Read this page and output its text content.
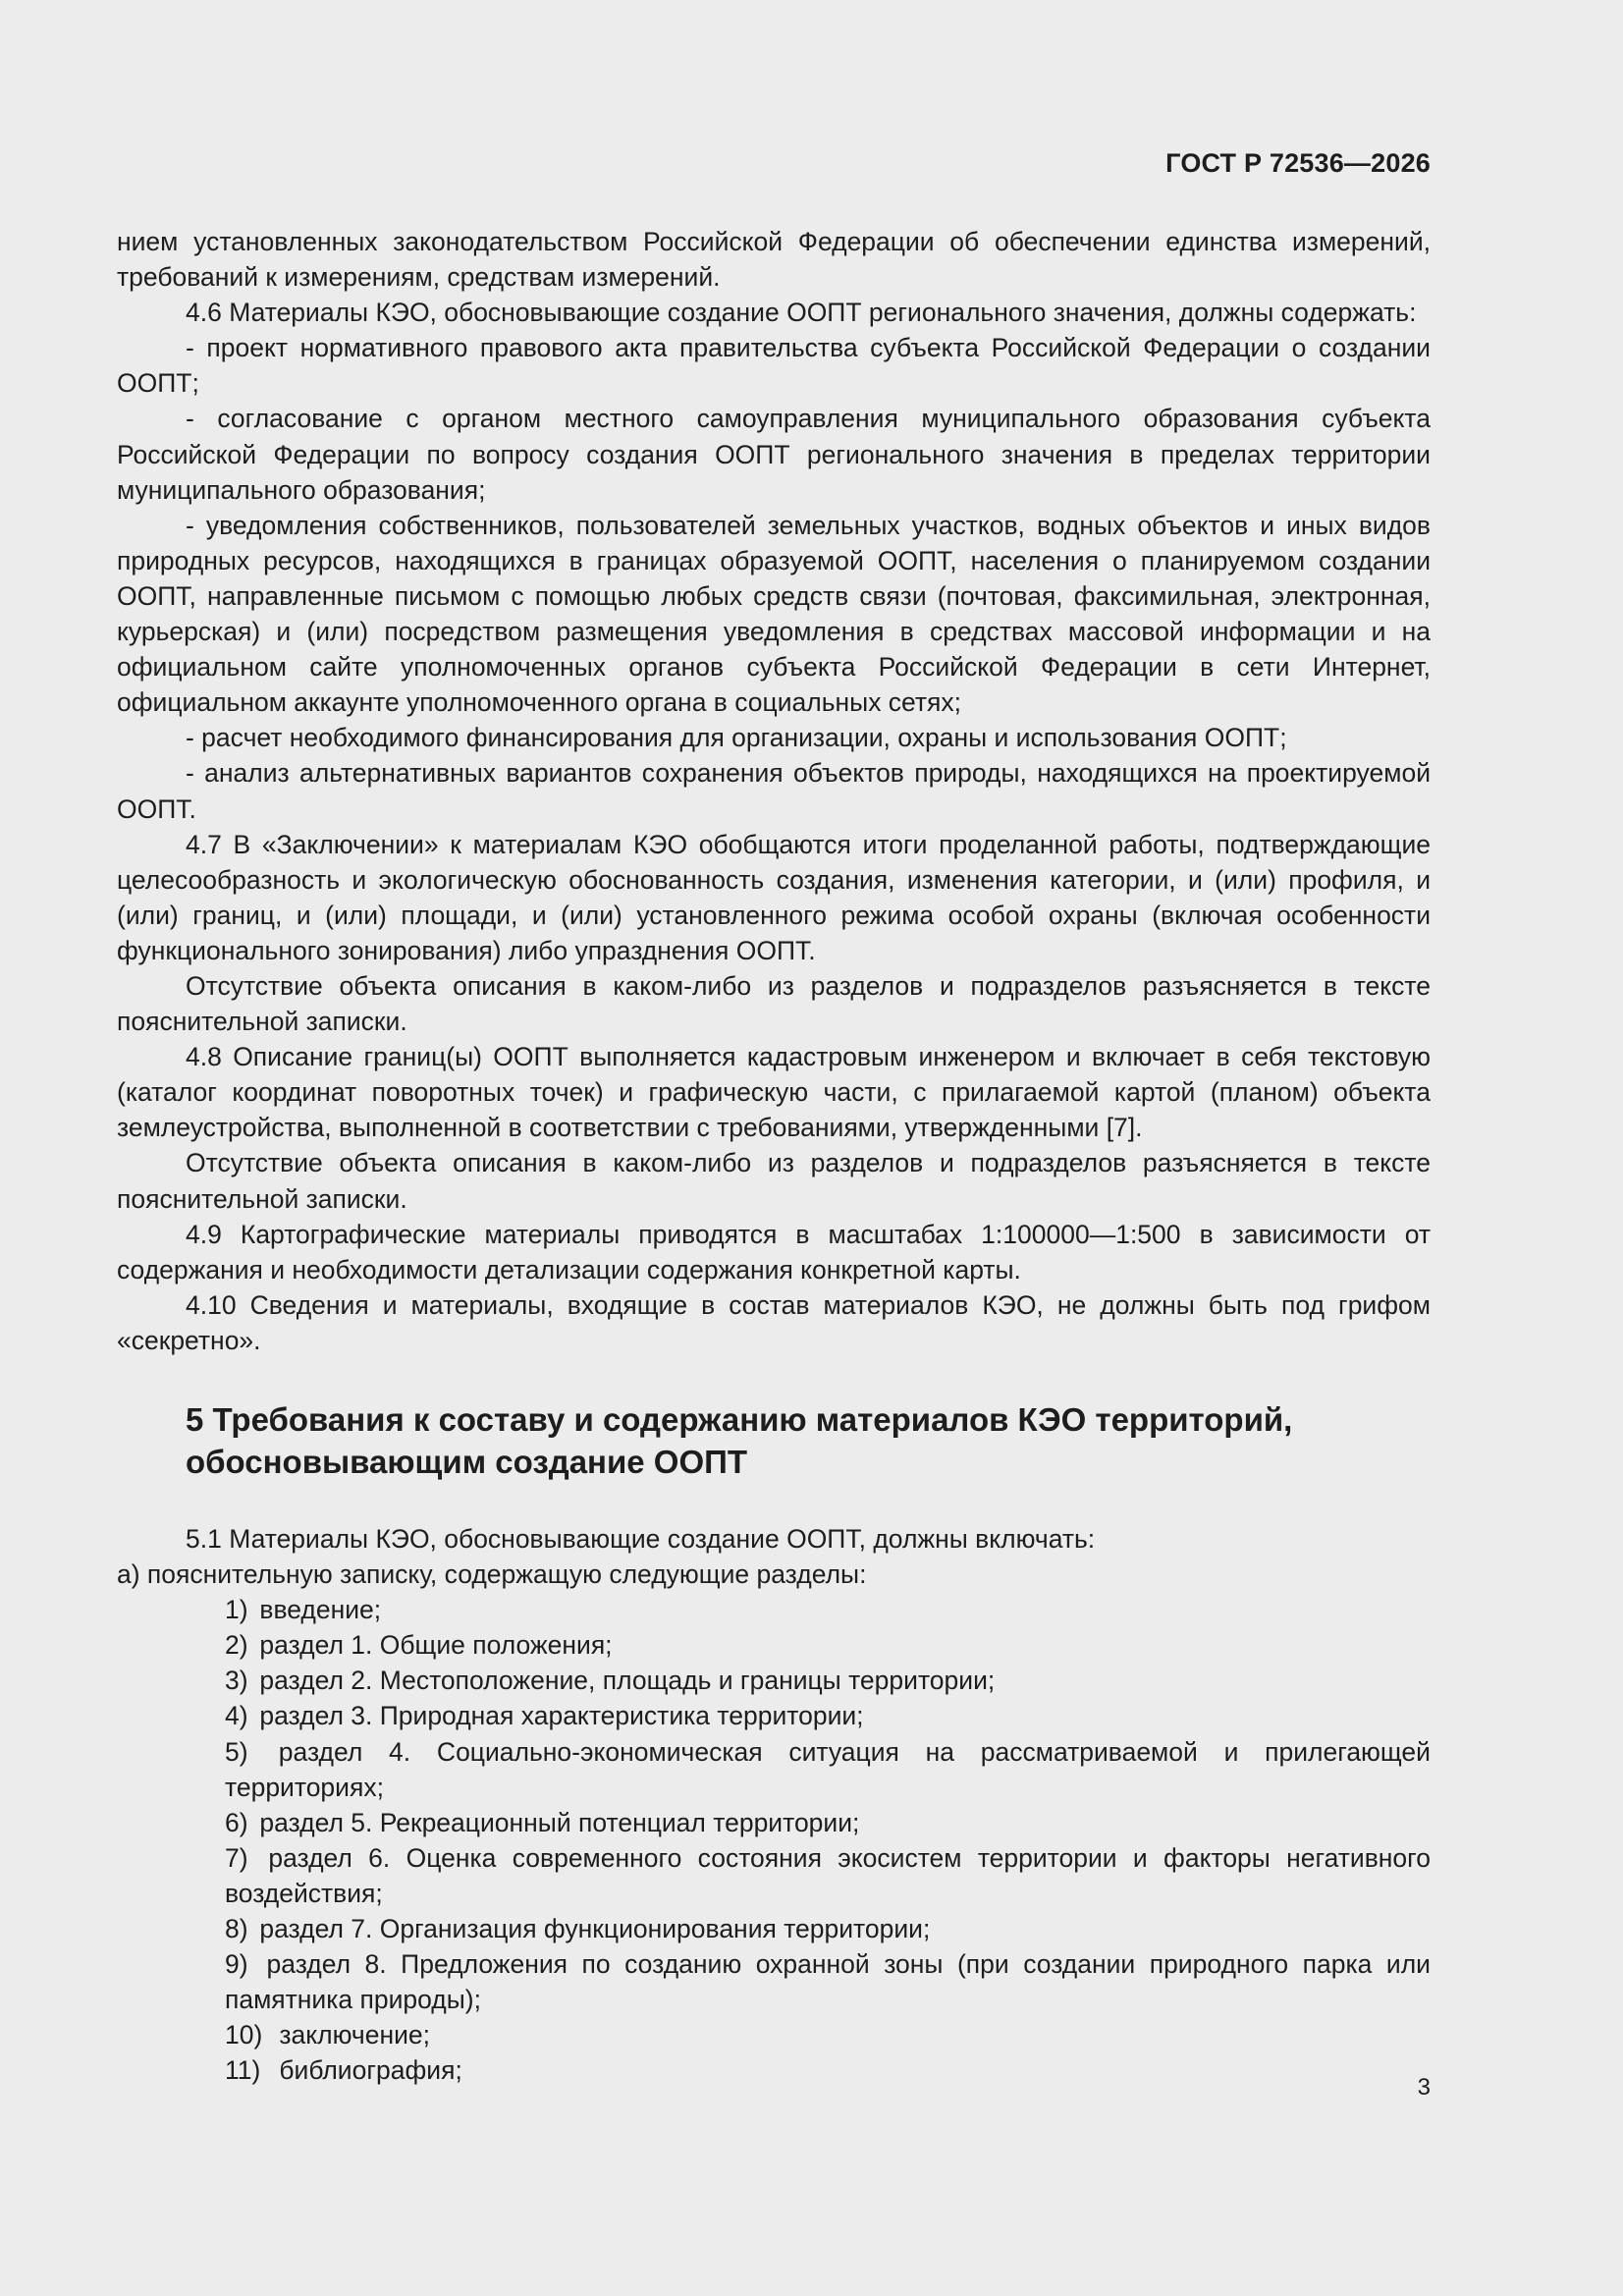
ГОСТ Р 72536—2026

нием установленных законодательством Российской Федерации об обеспечении единства измерений, требований к измерениям, средствам измерений.

4.6 Материалы КЭО, обосновывающие создание ООПТ регионального значения, должны содержать:

- проект нормативного правового акта правительства субъекта Российской Федерации о создании ООПТ;

- согласование с органом местного самоуправления муниципального образования субъекта Российской Федерации по вопросу создания ООПТ регионального значения в пределах территории муниципального образования;

- уведомления собственников, пользователей земельных участков, водных объектов и иных видов природных ресурсов, находящихся в границах образуемой ООПТ, населения о планируемом создании ООПТ, направленные письмом с помощью любых средств связи (почтовая, факсимильная, электронная, курьерская) и (или) посредством размещения уведомления в средствах массовой информации и на официальном сайте уполномоченных органов субъекта Российской Федерации в сети Интернет, официальном аккаунте уполномоченного органа в социальных сетях;

- расчет необходимого финансирования для организации, охраны и использования ООПТ;

- анализ альтернативных вариантов сохранения объектов природы, находящихся на проектируемой ООПТ.

4.7 В «Заключении» к материалам КЭО обобщаются итоги проделанной работы, подтверждающие целесообразность и экологическую обоснованность создания, изменения категории, и (или) профиля, и (или) границ, и (или) площади, и (или) установленного режима особой охраны (включая особенности функционального зонирования) либо упразднения ООПТ.

Отсутствие объекта описания в каком-либо из разделов и подразделов разъясняется в тексте пояснительной записки.

4.8 Описание границ(ы) ООПТ выполняется кадастровым инженером и включает в себя текстовую (каталог координат поворотных точек) и графическую части, с прилагаемой картой (планом) объекта землеустройства, выполненной в соответствии с требованиями, утвержденными [7].

Отсутствие объекта описания в каком-либо из разделов и подразделов разъясняется в тексте пояснительной записки.

4.9 Картографические материалы приводятся в масштабах 1:100000—1:500 в зависимости от содержания и необходимости детализации содержания конкретной карты.

4.10 Сведения и материалы, входящие в состав материалов КЭО, не должны быть под грифом «секретно».

5 Требования к составу и содержанию материалов КЭО территорий,
обосновывающим создание ООПТ

5.1 Материалы КЭО, обосновывающие создание ООПТ, должны включать:

а) пояснительную записку, содержащую следующие разделы:

1) введение;
2) раздел 1. Общие положения;
3) раздел 2. Местоположение, площадь и границы территории;
4) раздел 3. Природная характеристика территории;
5) раздел 4. Социально-экономическая ситуация на рассматриваемой и прилегающей территориях;
6) раздел 5. Рекреационный потенциал территории;
7) раздел 6. Оценка современного состояния экосистем территории и факторы негативного воздействия;
8) раздел 7. Организация функционирования территории;
9) раздел 8. Предложения по созданию охранной зоны (при создании природного парка или памятника природы);
10) заключение;
11) библиография;
3
